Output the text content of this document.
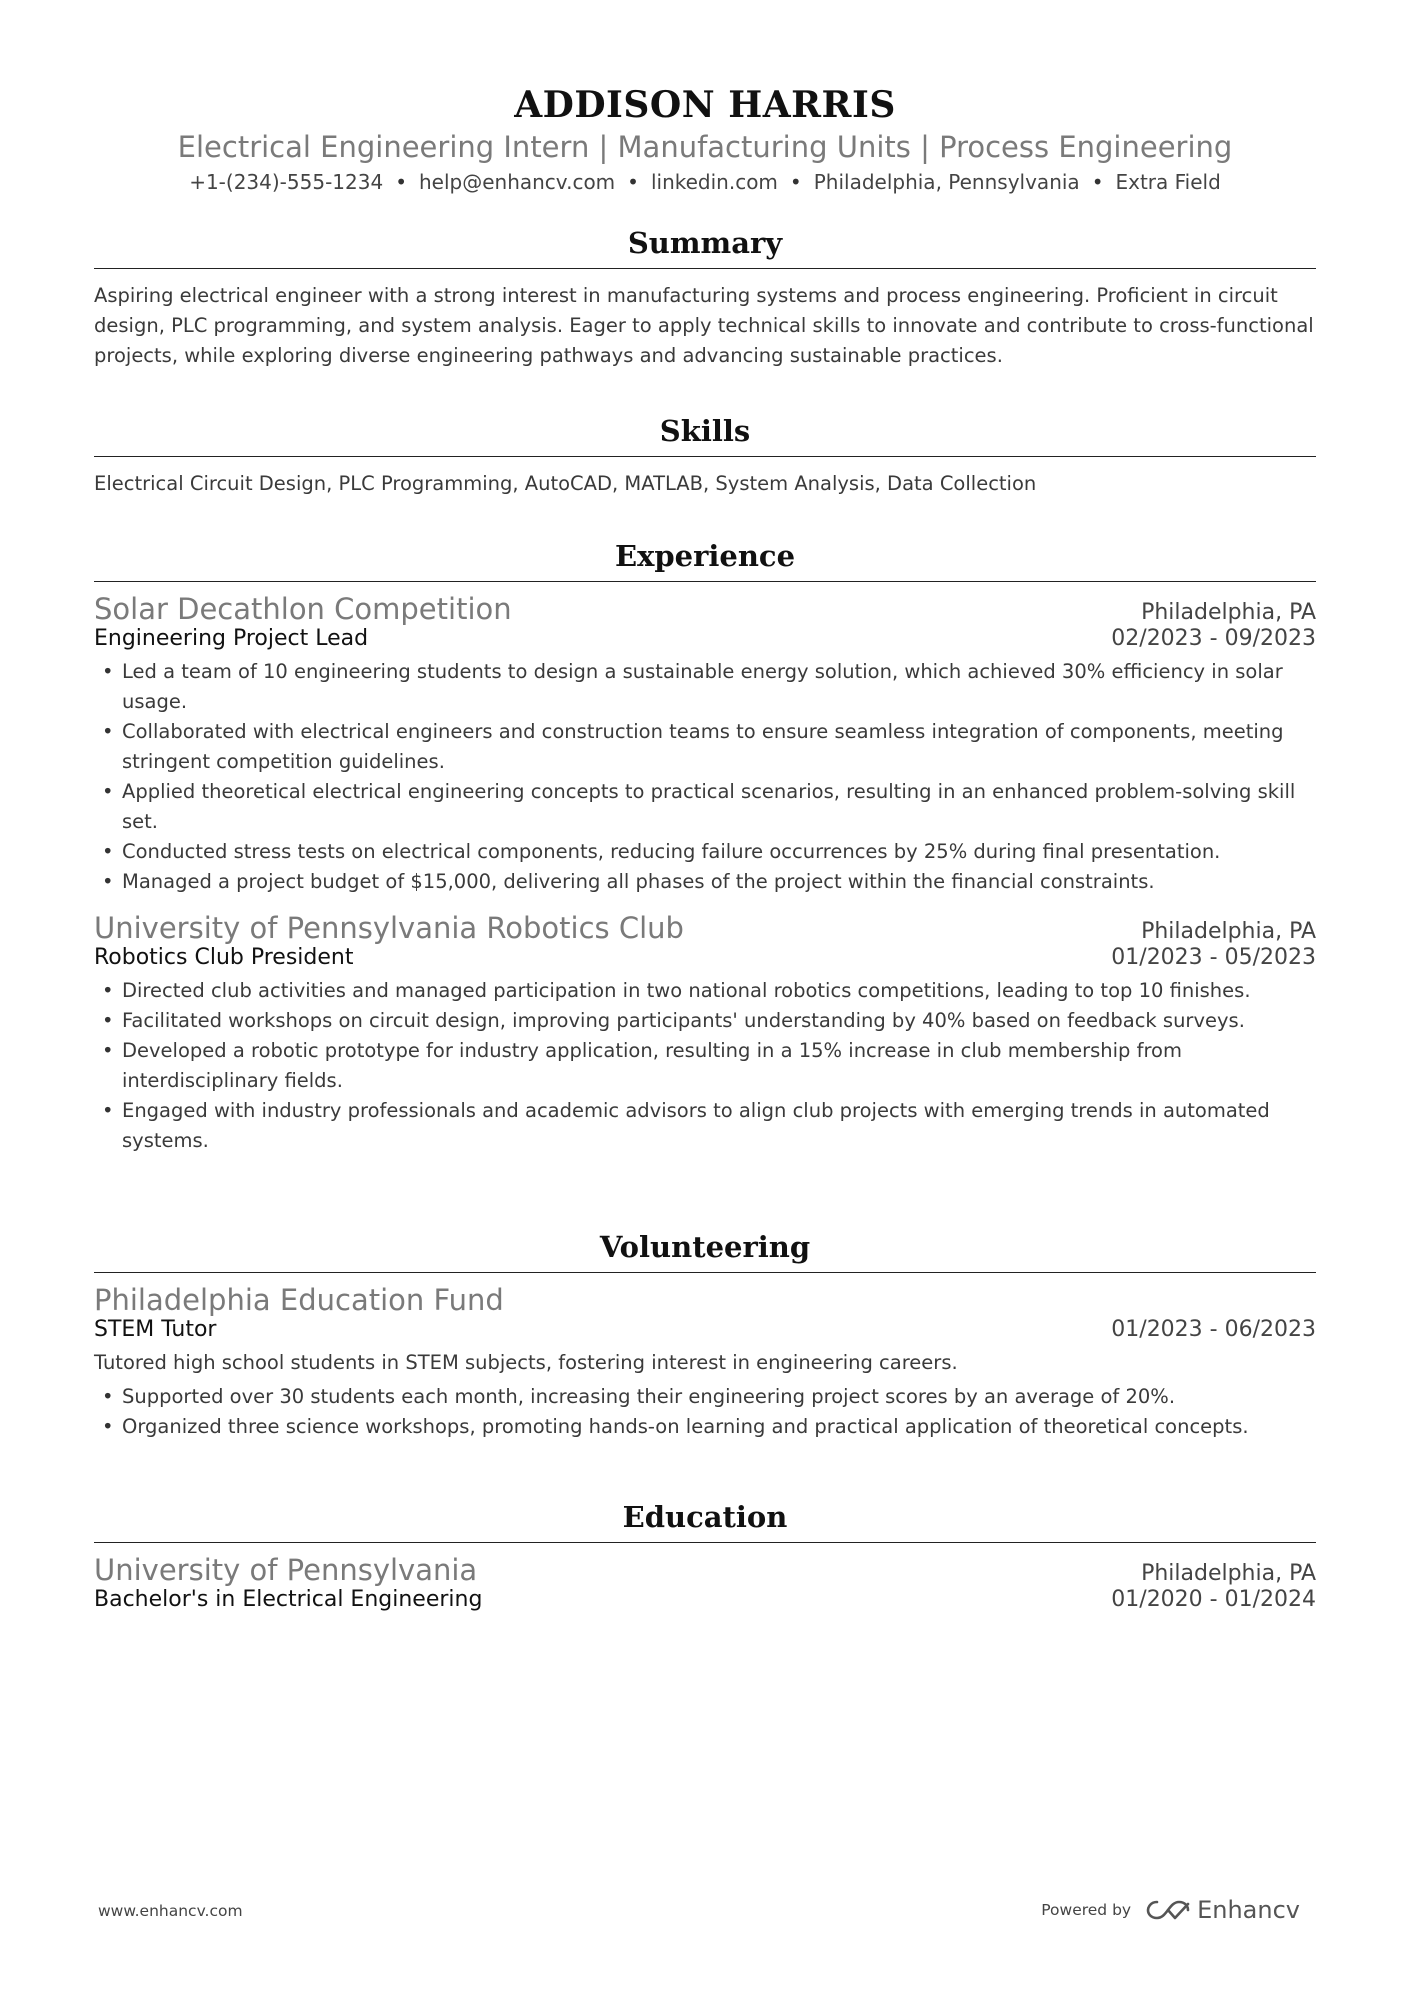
ADDISON HARRIS
Electrical Engineering Intern | Manufacturing Units | Process Engineering
+1-(234)-555-1234 • help@enhancv.com • linkedin.com • Philadelphia, Pennsylvania • Extra Field
Summary
Aspiring electrical engineer with a strong interest in manufacturing systems and process engineering. Proficient in circuit design, PLC programming, and system analysis. Eager to apply technical skills to innovate and contribute to cross-functional projects, while exploring diverse engineering pathways and advancing sustainable practices.
Skills
Electrical Circuit Design, PLC Programming, AutoCAD, MATLAB, System Analysis, Data Collection
Experience
Solar Decathlon Competition	Philadelphia, PA
Engineering Project Lead	02/2023 - 09/2023
• Led a team of 10 engineering students to design a sustainable energy solution, which achieved 30% efficiency in solar usage.
• Collaborated with electrical engineers and construction teams to ensure seamless integration of components, meeting stringent competition guidelines.
• Applied theoretical electrical engineering concepts to practical scenarios, resulting in an enhanced problem-solving skill set.
• Conducted stress tests on electrical components, reducing failure occurrences by 25% during final presentation.
• Managed a project budget of $15,000, delivering all phases of the project within the financial constraints.
University of Pennsylvania Robotics Club	Philadelphia, PA
Robotics Club President	01/2023 - 05/2023
• Directed club activities and managed participation in two national robotics competitions, leading to top 10 finishes.
• Facilitated workshops on circuit design, improving participants' understanding by 40% based on feedback surveys.
• Developed a robotic prototype for industry application, resulting in a 15% increase in club membership from interdisciplinary fields.
• Engaged with industry professionals and academic advisors to align club projects with emerging trends in automated systems.
Volunteering
Philadelphia Education Fund
STEM Tutor	01/2023 - 06/2023
Tutored high school students in STEM subjects, fostering interest in engineering careers.
• Supported over 30 students each month, increasing their engineering project scores by an average of 20%.
• Organized three science workshops, promoting hands-on learning and practical application of theoretical concepts.
Education
University of Pennsylvania	Philadelphia, PA
Bachelor's in Electrical Engineering	01/2020 - 01/2024
www.enhancv.com	Powered by	Enhancv
